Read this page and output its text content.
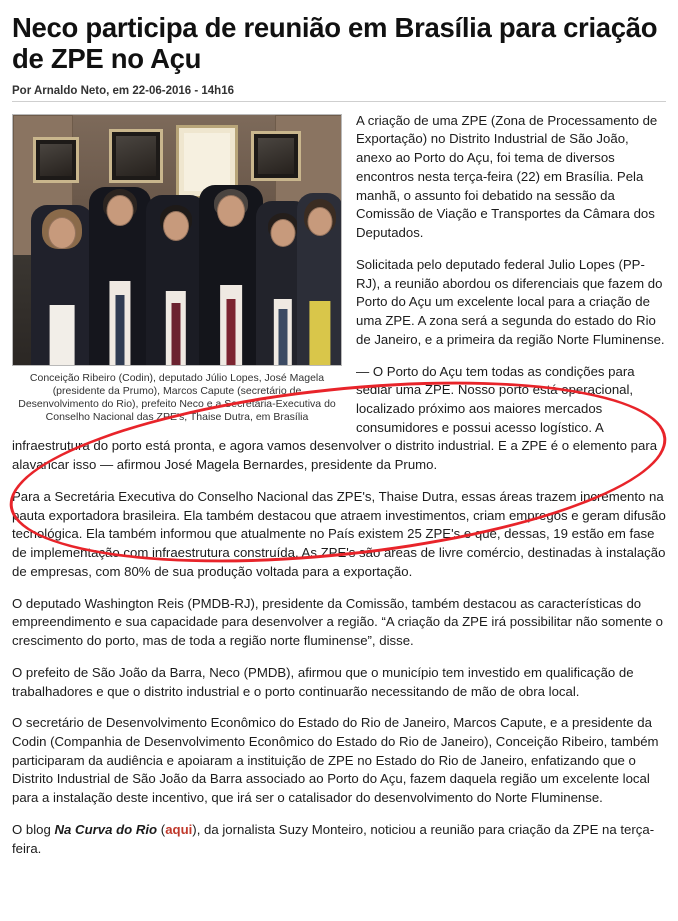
Neco participa de reunião em Brasília para criação de ZPE no Açu
Por Arnaldo Neto, em 22-06-2016 - 14h16
Conceição Ribeiro (Codin), deputado Júlio Lopes, José Magela (presidente da Prumo), Marcos Capute (secretário de Desenvolvimento do Rio), prefeito Neco e a Secretária-Executiva do Conselho Nacional das ZPE's, Thaise Dutra, em Brasília

A criação de uma ZPE (Zona de Processamento de Exportação) no Distrito Industrial de São João, anexo ao Porto do Açu, foi tema de diversos encontros nesta terça-feira (22) em Brasília. Pela manhã, o assunto foi debatido na sessão da Comissão de Viação e Transportes da Câmara dos Deputados.

Solicitada pelo deputado federal Julio Lopes (PP-RJ), a reunião abordou os diferenciais que fazem do Porto do Açu um excelente local para a criação de uma ZPE. A zona será a segunda do estado do Rio de Janeiro, e a primeira da região Norte Fluminense.

— O Porto do Açu tem todas as condições para sediar uma ZPE. Nosso porto está operacional, localizado próximo aos maiores mercados consumidores e possui acesso logístico. A infraestrutura do porto está pronta, e agora vamos desenvolver o distrito industrial. E a ZPE é o elemento para alavancar isso — afirmou José Magela Bernardes, presidente da Prumo.

Para a Secretária Executiva do Conselho Nacional das ZPE's, Thaise Dutra, essas áreas trazem incremento na pauta exportadora brasileira. Ela também destacou que atraem investimentos, criam empregos e geram difusão tecnológica. Ela também informou que atualmente no País existem 25 ZPE's e que, dessas, 19 estão em fase de implementação com infraestrutura construída. As ZPE's são áreas de livre comércio, destinadas à instalação de empresas, com 80% de sua produção voltada para a exportação.

O deputado Washington Reis (PMDB-RJ), presidente da Comissão, também destacou as características do empreendimento e sua capacidade para desenvolver a região. “A criação da ZPE irá possibilitar não somente o crescimento do porto, mas de toda a região norte fluminense”, disse.

O prefeito de São João da Barra, Neco (PMDB), afirmou que o município tem investido em qualificação de trabalhadores e que o distrito industrial e o porto continuarão necessitando de mão de obra local.

O secretário de Desenvolvimento Econômico do Estado do Rio de Janeiro, Marcos Capute, e a presidente da Codin (Companhia de Desenvolvimento Econômico do Estado do Rio de Janeiro), Conceição Ribeiro, também participaram da audiência e apoiaram a instituição de ZPE no Estado do Rio de Janeiro, enfatizando que o Distrito Industrial de São João da Barra associado ao Porto do Açu, fazem daquela região um excelente local para a instalação deste incentivo, que irá ser o catalisador do desenvolvimento do Norte Fluminense.

O blog Na Curva do Rio (aqui), da jornalista Suzy Monteiro, noticiou a reunião para criação da ZPE na terça-feira.
